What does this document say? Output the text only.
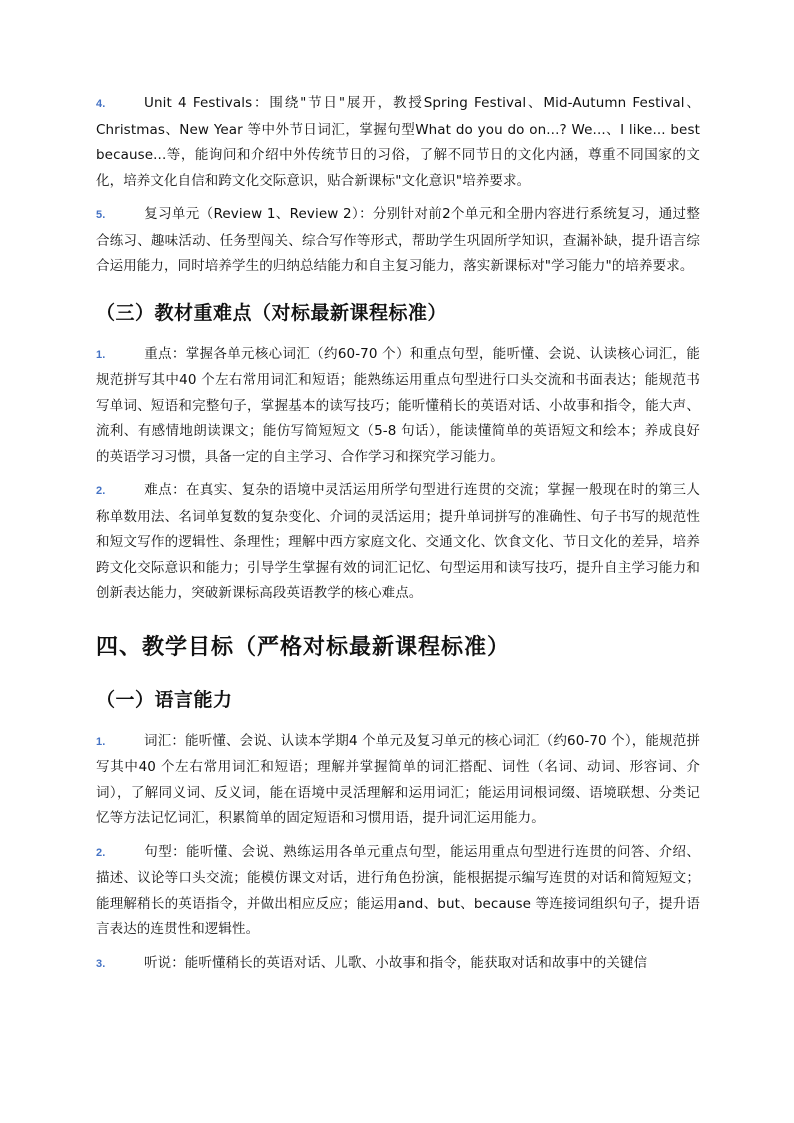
4.	Unit 4 Festivals：围绕"节日"展开，教授Spring Festival、Mid-Autumn Festival、Christmas、New Year 等中外节日词汇，掌握句型What do you do on...? We...、I like... best because...等，能询问和介绍中外传统节日的习俗，了解不同节日的文化内涵，尊重不同国家的文化，培养文化自信和跨文化交际意识，贴合新课标"文化意识"培养要求。

5.	复习单元（Review 1、Review 2）：分别针对前2个单元和全册内容进行系统复习，通过整合练习、趣味活动、任务型闯关、综合写作等形式，帮助学生巩固所学知识，查漏补缺，提升语言综合运用能力，同时培养学生的归纳总结能力和自主复习能力，落实新课标对"学习能力"的培养要求。

（三）教材重难点（对标最新课程标准）

1.	重点：掌握各单元核心词汇（约60-70 个）和重点句型，能听懂、会说、认读核心词汇，能规范拼写其中40 个左右常用词汇和短语；能熟练运用重点句型进行口头交流和书面表达；能规范书写单词、短语和完整句子，掌握基本的读写技巧；能听懂稍长的英语对话、小故事和指令，能大声、流利、有感情地朗读课文；能仿写简短短文（5-8 句话），能读懂简单的英语短文和绘本；养成良好的英语学习习惯，具备一定的自主学习、合作学习和探究学习能力。

2.	难点：在真实、复杂的语境中灵活运用所学句型进行连贯的交流；掌握一般现在时的第三人称单数用法、名词单复数的复杂变化、介词的灵活运用；提升单词拼写的准确性、句子书写的规范性和短文写作的逻辑性、条理性；理解中西方家庭文化、交通文化、饮食文化、节日文化的差异，培养跨文化交际意识和能力；引导学生掌握有效的词汇记忆、句型运用和读写技巧，提升自主学习能力和创新表达能力，突破新课标高段英语教学的核心难点。

四、教学目标（严格对标最新课程标准）
（一）语言能力

1.	词汇：能听懂、会说、认读本学期4 个单元及复习单元的核心词汇（约60-70 个），能规范拼写其中40 个左右常用词汇和短语；理解并掌握简单的词汇搭配、词性（名词、动词、形容词、介词），了解同义词、反义词，能在语境中灵活理解和运用词汇；能运用词根词缀、语境联想、分类记忆等方法记忆词汇，积累简单的固定短语和习惯用语，提升词汇运用能力。

2.	句型：能听懂、会说、熟练运用各单元重点句型，能运用重点句型进行连贯的问答、介绍、描述、议论等口头交流；能模仿课文对话，进行角色扮演，能根据提示编写连贯的对话和简短短文；能理解稍长的英语指令，并做出相应反应；能运用and、but、because 等连接词组织句子，提升语言表达的连贯性和逻辑性。

3.	听说：能听懂稍长的英语对话、儿歌、小故事和指令，能获取对话和故事中的关键信
